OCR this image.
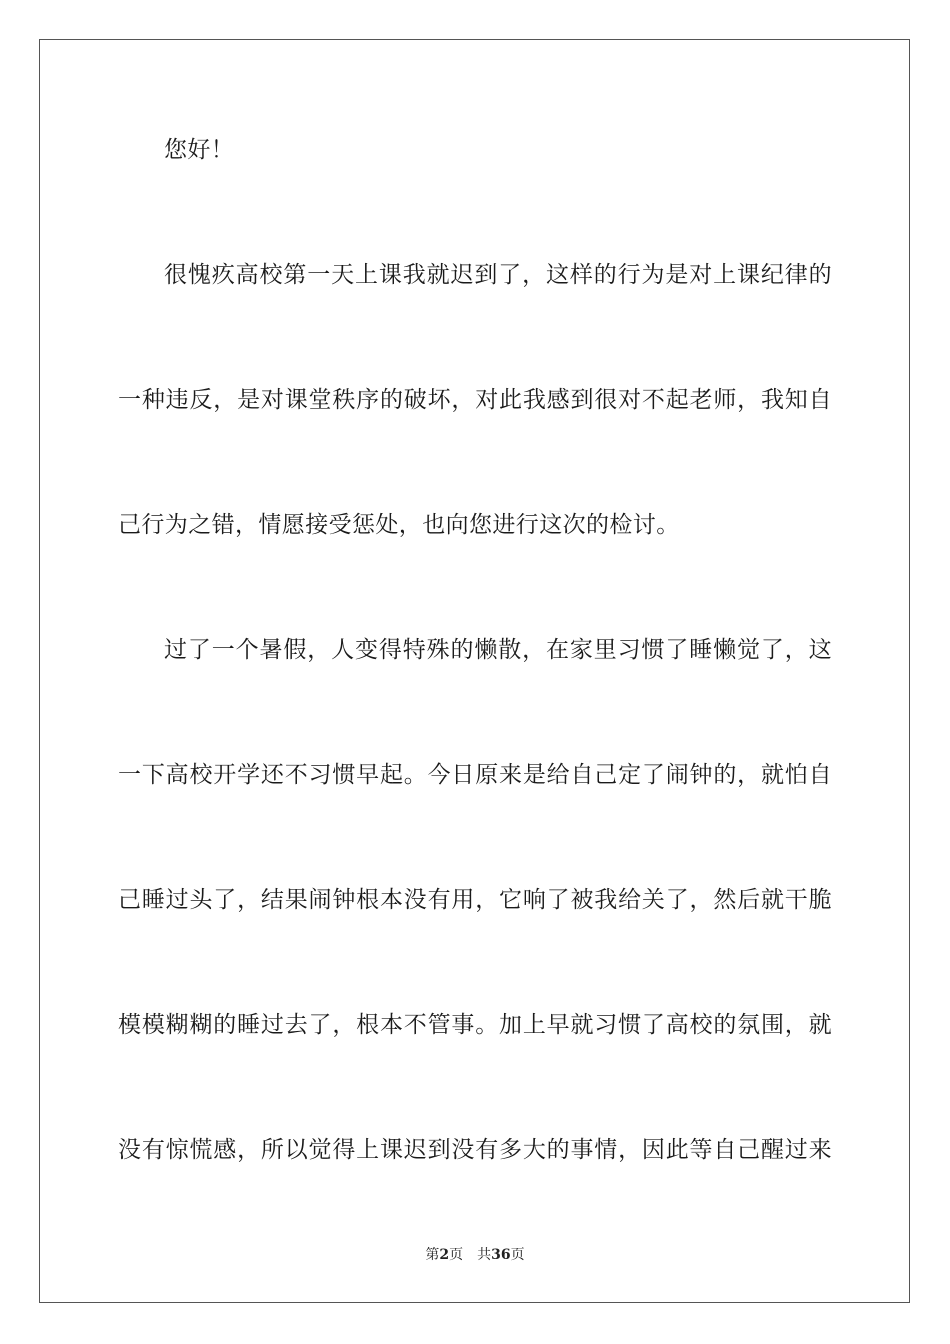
您好！
很愧疚高校第一天上课我就迟到了，这样的行为是对上课纪律的
一种违反，是对课堂秩序的破坏，对此我感到很对不起老师，我知自
己行为之错，情愿接受惩处，也向您进行这次的检讨。
过了一个暑假，人变得特殊的懒散，在家里习惯了睡懒觉了，这
一下高校开学还不习惯早起。今日原来是给自己定了闹钟的，就怕自
己睡过头了，结果闹钟根本没有用，它响了被我给关了，然后就干脆
模模糊糊的睡过去了，根本不管事。加上早就习惯了高校的氛围，就
没有惊慌感，所以觉得上课迟到没有多大的事情，因此等自己醒过来
第2页 共36页
